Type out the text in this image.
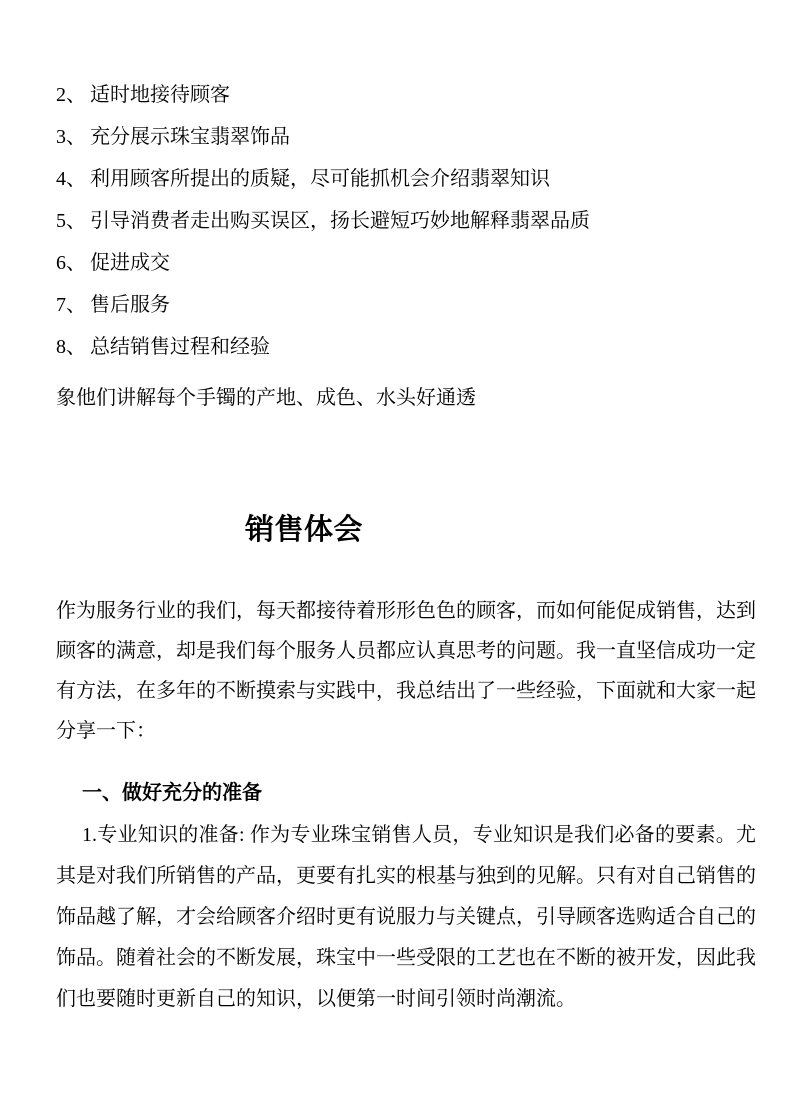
2、 适时地接待顾客
3、 充分展示珠宝翡翠饰品
4、 利用顾客所提出的质疑，尽可能抓机会介绍翡翠知识
5、 引导消费者走出购买误区，扬长避短巧妙地解释翡翠品质
6、 促进成交
7、 售后服务
8、 总结销售过程和经验
象他们讲解每个手镯的产地、成色、水头好通透
销售体会

作为服务行业的我们，每天都接待着形形色色的顾客，而如何能促成销售，达到顾客的满意，却是我们每个服务人员都应认真思考的问题。我一直坚信成功一定有方法，在多年的不断摸索与实践中，我总结出了一些经验，下面就和大家一起分享一下：

一、做好充分的准备

1.专业知识的准备: 作为专业珠宝销售人员，专业知识是我们必备的要素。尤其是对我们所销售的产品，更要有扎实的根基与独到的见解。只有对自己销售的饰品越了解，才会给顾客介绍时更有说服力与关键点，引导顾客选购适合自己的饰品。随着社会的不断发展，珠宝中一些受限的工艺也在不断的被开发，因此我们也要随时更新自己的知识，以便第一时间引领时尚潮流。
